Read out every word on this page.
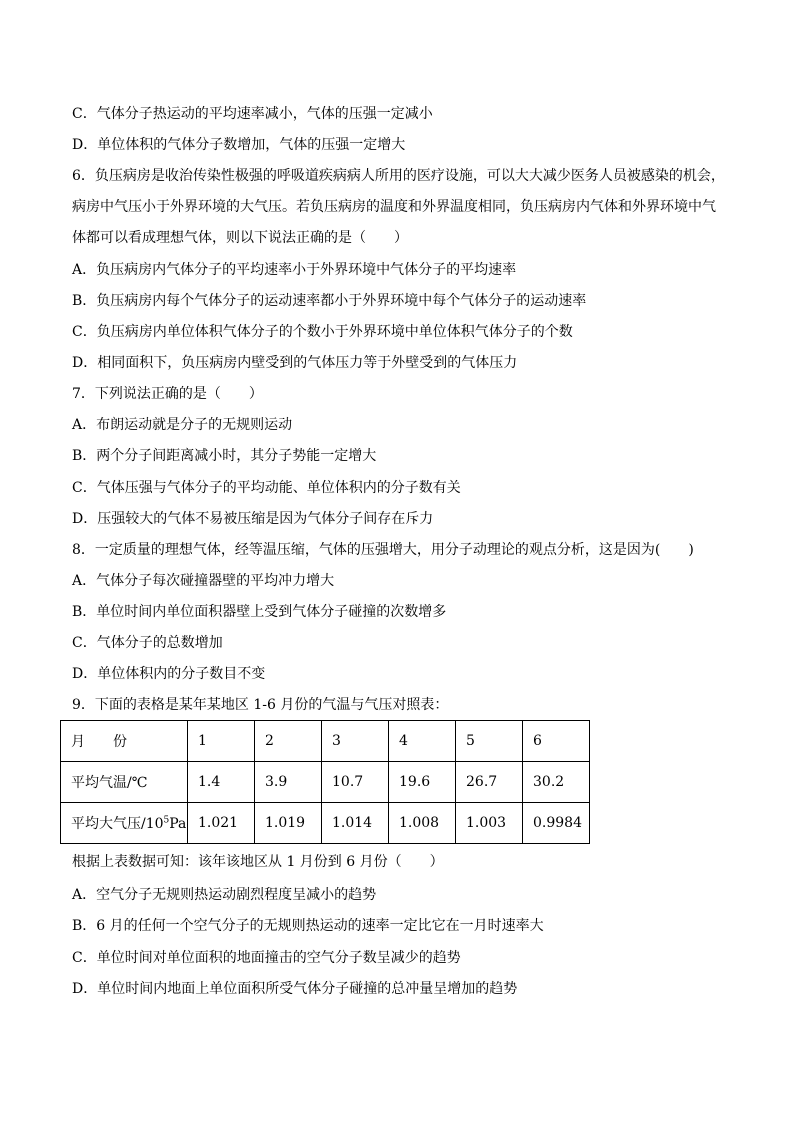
C．气体分子热运动的平均速率减小，气体的压强一定减小
D．单位体积的气体分子数增加，气体的压强一定增大
6．负压病房是收治传染性极强的呼吸道疾病病人所用的医疗设施，可以大大减少医务人员被感染的机会，
病房中气压小于外界环境的大气压。若负压病房的温度和外界温度相同，负压病房内气体和外界环境中气
体都可以看成理想气体，则以下说法正确的是（　　）
A．负压病房内气体分子的平均速率小于外界环境中气体分子的平均速率
B．负压病房内每个气体分子的运动速率都小于外界环境中每个气体分子的运动速率
C．负压病房内单位体积气体分子的个数小于外界环境中单位体积气体分子的个数
D．相同面积下，负压病房内壁受到的气体压力等于外壁受到的气体压力
7．下列说法正确的是（　　）
A．布朗运动就是分子的无规则运动
B．两个分子间距离减小时，其分子势能一定增大
C．气体压强与气体分子的平均动能、单位体积内的分子数有关
D．压强较大的气体不易被压缩是因为气体分子间存在斥力
8．一定质量的理想气体，经等温压缩，气体的压强增大，用分子动理论的观点分析，这是因为(　　)
A．气体分子每次碰撞器壁的平均冲力增大
B．单位时间内单位面积器壁上受到气体分子碰撞的次数增多
C．气体分子的总数增加
D．单位体积内的分子数目不变
9．下面的表格是某年某地区 1-6 月份的气温与气压对照表：
月　　份	1	2	3	4	5	6
平均气温/℃	1.4	3.9	10.7	19.6	26.7	30.2
平均大气压$/10^5Pa$	1.021	1.019	1.014	1.008	1.003	0.9984
根据上表数据可知：该年该地区从 1 月份到 6 月份（　　）
A．空气分子无规则热运动剧烈程度呈减小的趋势
B．6 月的任何一个空气分子的无规则热运动的速率一定比它在一月时速率大
C．单位时间对单位面积的地面撞击的空气分子数呈减少的趋势
D．单位时间内地面上单位面积所受气体分子碰撞的总冲量呈增加的趋势
